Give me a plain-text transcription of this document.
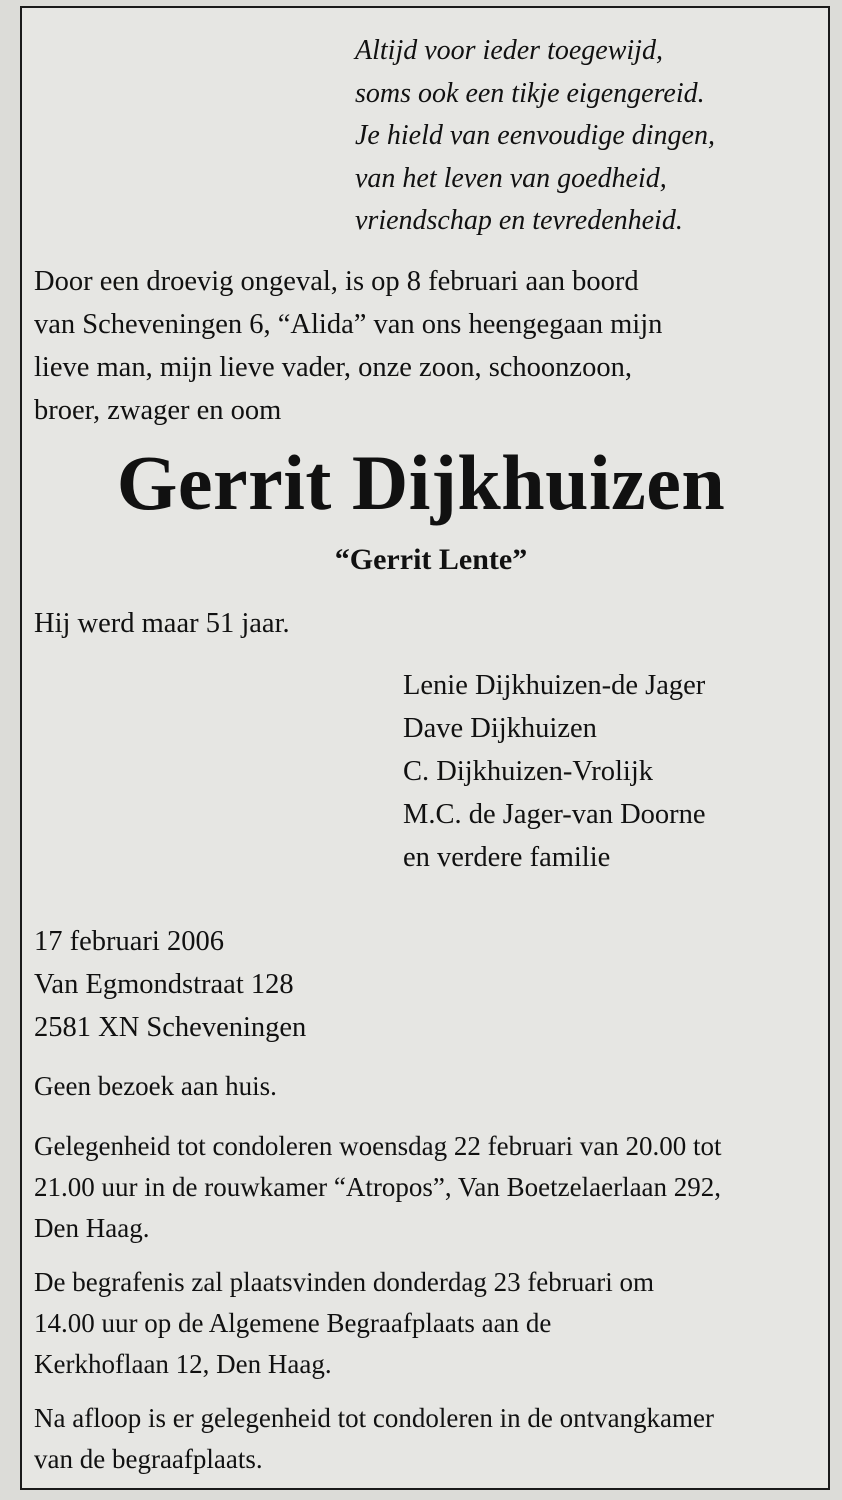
Altijd voor ieder toegewijd,
soms ook een tikje eigengereid.
Je hield van eenvoudige dingen,
van het leven van goedheid,
vriendschap en tevredenheid.
Door een droevig ongeval, is op 8 februari aan boord
van Scheveningen 6, “Alida” van ons heengegaan mijn
lieve man, mijn lieve vader, onze zoon, schoonzoon,
broer, zwager en oom
Gerrit Dijkhuizen
“Gerrit Lente”
Hij werd maar 51 jaar.
Lenie Dijkhuizen-de Jager
Dave Dijkhuizen
C. Dijkhuizen-Vrolijk
M.C. de Jager-van Doorne
en verdere familie
17 februari 2006
Van Egmondstraat 128
2581 XN Scheveningen
Geen bezoek aan huis.
Gelegenheid tot condoleren woensdag 22 februari van 20.00 tot
21.00 uur in de rouwkamer “Atropos”, Van Boetzelaerlaan 292,
Den Haag.
De begrafenis zal plaatsvinden donderdag 23 februari om
14.00 uur op de Algemene Begraafplaats aan de
Kerkhoflaan 12, Den Haag.
Na afloop is er gelegenheid tot condoleren in de ontvangkamer
van de begraafplaats.
